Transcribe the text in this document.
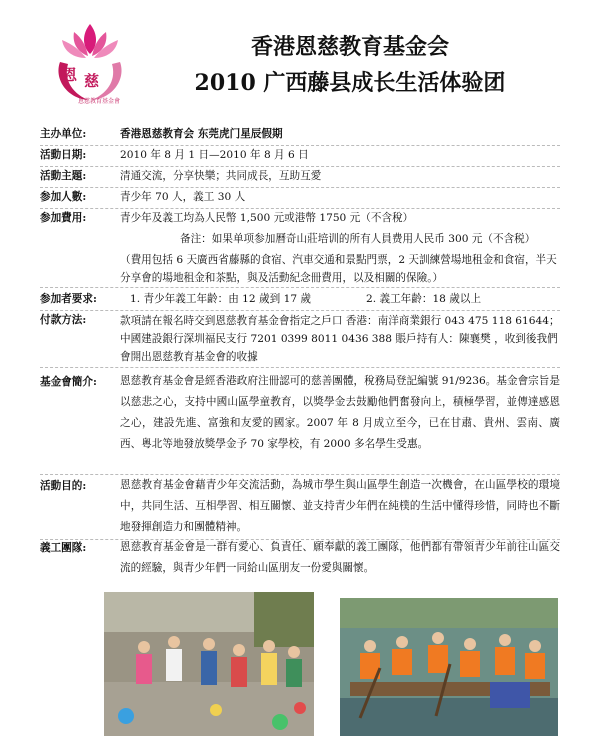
恩 慈
恩慈教育基金會
香港恩慈教育基金会
2010 广西藤县成长生活体验团
主办单位:	香港恩慈教育会 东莞虎门星辰假期
活動日期:	2010 年 8 月 1 日—2010 年 8 月 6 日
活動主題:	清通交流，分享快樂；共同成長，互助互愛
参加人數:	青少年 70 人，義工 30 人
参加費用:	青少年及義工均為人民幣 1,500 元或港幣 1750 元（不含稅）
备注：如果单项参加曆奇山莊培训的所有人員费用人民币 300 元（不含税）
（費用包括 6 天廣西省藤縣的食宿、汽車交通和景點門票，2 天訓練營場地租金和食宿，半天分享會的場地租金和茶點，與及活動紀念冊費用，以及相關的保險。）
参加者要求:	1. 青少年義工年齡：由 12 歲到 17 歲	2. 義工年齡：18 歲以上
付款方法:	款項請在報名時交到恩慈教育基金會指定之戶口 香港：南洋商業銀行 043 475 118 61644；中國建設銀行深圳福民支行 7201 0399 8011 0436 388 賬戶持有人：陳襄樊 ，收到後我們會開出恩慈教育基金會的收據
基金會簡介:	恩慈教育基金會是經香港政府注冊認可的慈善團體，稅務局登記編號 91/9236。基金會宗旨是以慈悲之心，支持中國山區學童教育，以獎學金去鼓勵他們奮發向上，積極學習，並傳達感恩之心，建設先進、富強和友愛的國家。2007 年 8 月成立至今，已在甘肅、貴州、雲南、廣西、粵北等地發放獎學金予 70 家學校，有 2000 多名學生受惠。
活動目的:	恩慈教育基金會藉青少年交流活動，為城市學生與山區學生創造一次機會，在山區學校的環境中，共同生活、互相學習、相互關懷、並支持青少年們在純樸的生活中懂得珍惜，同時也不斷地發揮創造力和團體精神。
義工團隊:	恩慈教育基金會是一群有愛心、負責任、願奉獻的義工團隊，他們都有帶領青少年前往山區交流的經驗，與青少年們一同給山區朋友一份愛與關懷。
